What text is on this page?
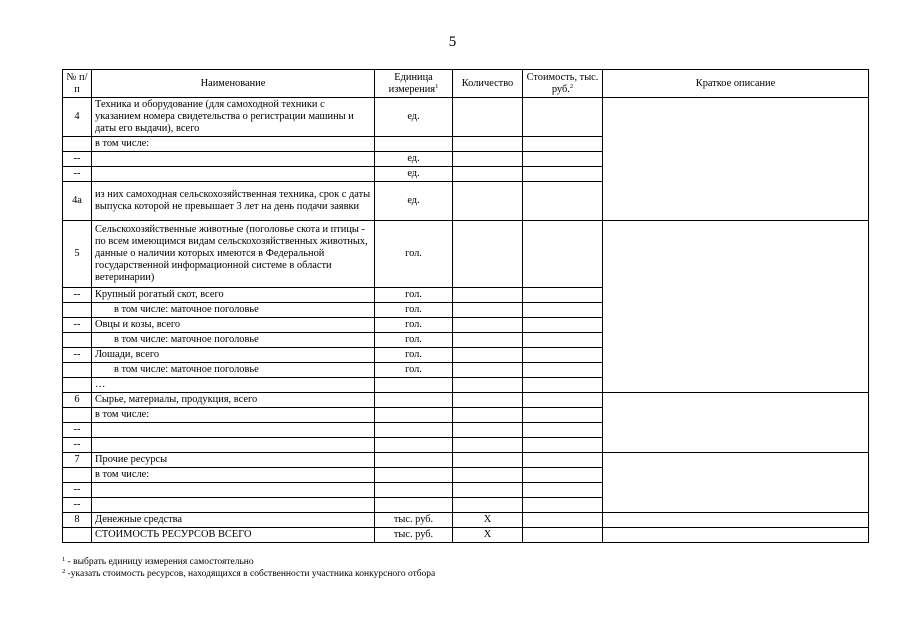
5
№ п/п	Наименование	Единица измерения$^1$	Количество	Стоимость, тыс. руб.$^2$	Краткое описание
4	Техника и оборудование (для самоходной техники с указанием номера свидетельства о регистрации машины и даты его выдачи), всего	ед.			
	в том числе:				
--		ед.			
--		ед.			
4а	из них самоходная сельскохозяйственная техника, срок с даты выпуска которой не превышает 3 лет на день подачи заявки	ед.			
5	Сельскохозяйственные животные (поголовье скота и птицы - по всем имеющимся видам сельскохозяйственных животных, данные о наличии которых имеются в Федеральной государственной информационной системе в области ветеринарии)	гол.			
--	Крупный рогатый скот, всего	гол.			
	в том числе: маточное поголовье	гол.			
--	Овцы и козы, всего	гол.			
	в том числе: маточное поголовье	гол.			
--	Лошади, всего	гол.			
	в том числе: маточное поголовье	гол.			
	…				
6	Сырье, материалы, продукция, всего				
	в том числе:				
--					
--					
7	Прочие ресурсы				
	в том числе:				
--					
--					
8	Денежные средства	тыс. руб.	Х		
	СТОИМОСТЬ РЕСУРСОВ ВСЕГО	тыс. руб.	Х		
$^1$ - выбрать единицу измерения самостоятельно
$^2$ -указать стоимость ресурсов, находящихся в собственности участника конкурсного отбора
